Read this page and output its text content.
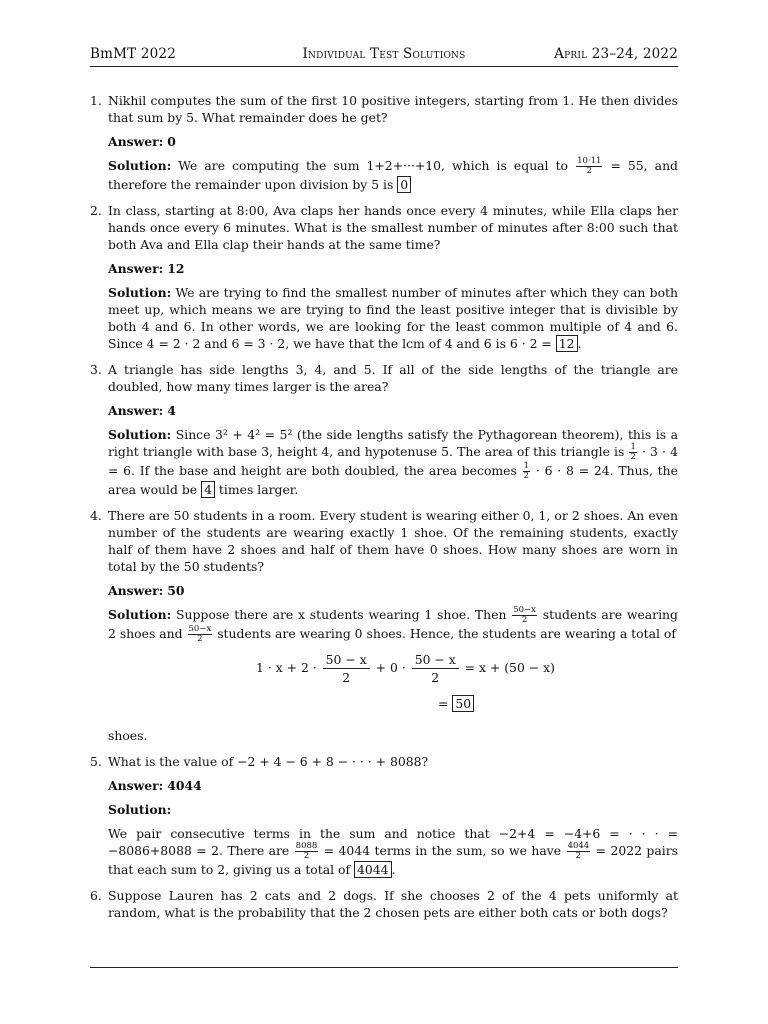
BmMT 2022	Individual Test Solutions	April 23–24, 2022
1. Nikhil computes the sum of the first 10 positive integers, starting from 1. He then divides that sum by 5. What remainder does he get?

Answer: 0

Solution: We are computing the sum 1+2+···+10, which is equal to $\frac{10\cdot 11}{2} = 55$, and therefore the remainder upon division by 5 is 0

2. In class, starting at 8:00, Ava claps her hands once every 4 minutes, while Ella claps her hands once every 6 minutes. What is the smallest number of minutes after 8:00 such that both Ava and Ella clap their hands at the same time?

Answer: 12

Solution: We are trying to find the smallest number of minutes after which they can both meet up, which means we are trying to find the least positive integer that is divisible by both 4 and 6. In other words, we are looking for the least common multiple of 4 and 6. Since 4 = 2 · 2 and 6 = 3 · 2, we have that the lcm of 4 and 6 is 6 · 2 = 12 .

3. A triangle has side lengths 3, 4, and 5. If all of the side lengths of the triangle are doubled, how many times larger is the area?

Answer: 4

Solution: Since 3² + 4² = 5² (the side lengths satisfy the Pythagorean theorem), this is a right triangle with base 3, height 4, and hypotenuse 5. The area of this triangle is $\frac{1}{2} \cdot 3 \cdot 4 = 6$. If the base and height are both doubled, the area becomes $\frac{1}{2} \cdot 6 \cdot 8 = 24$. Thus, the area would be 4 times larger.

4. There are 50 students in a room. Every student is wearing either 0, 1, or 2 shoes. An even number of the students are wearing exactly 1 shoe. Of the remaining students, exactly half of them have 2 shoes and half of them have 0 shoes. How many shoes are worn in total by the 50 students?

Answer: 50

Solution: Suppose there are x students wearing 1 shoe. Then $\frac{50-x}{2}$ students are wearing 2 shoes and $\frac{50-x}{2}$ students are wearing 0 shoes. Hence, the students are wearing a total of

$1 \cdot x + 2 \cdot \frac{50 - x}{2} + 0 \cdot \frac{50 - x}{2} = x + (50 - x)$
= 50

shoes.

5. What is the value of −2 + 4 − 6 + 8 − · · · + 8088?

Answer: 4044

Solution:

We pair consecutive terms in the sum and notice that −2+4 = −4+6 = · · · = −8086+8088 = 2. There are $\frac{8088}{2} = 4044$ terms in the sum, so we have $\frac{4044}{2} = 2022$ pairs that each sum to 2, giving us a total of 4044 .

6. Suppose Lauren has 2 cats and 2 dogs. If she chooses 2 of the 4 pets uniformly at random, what is the probability that the 2 chosen pets are either both cats or both dogs?
